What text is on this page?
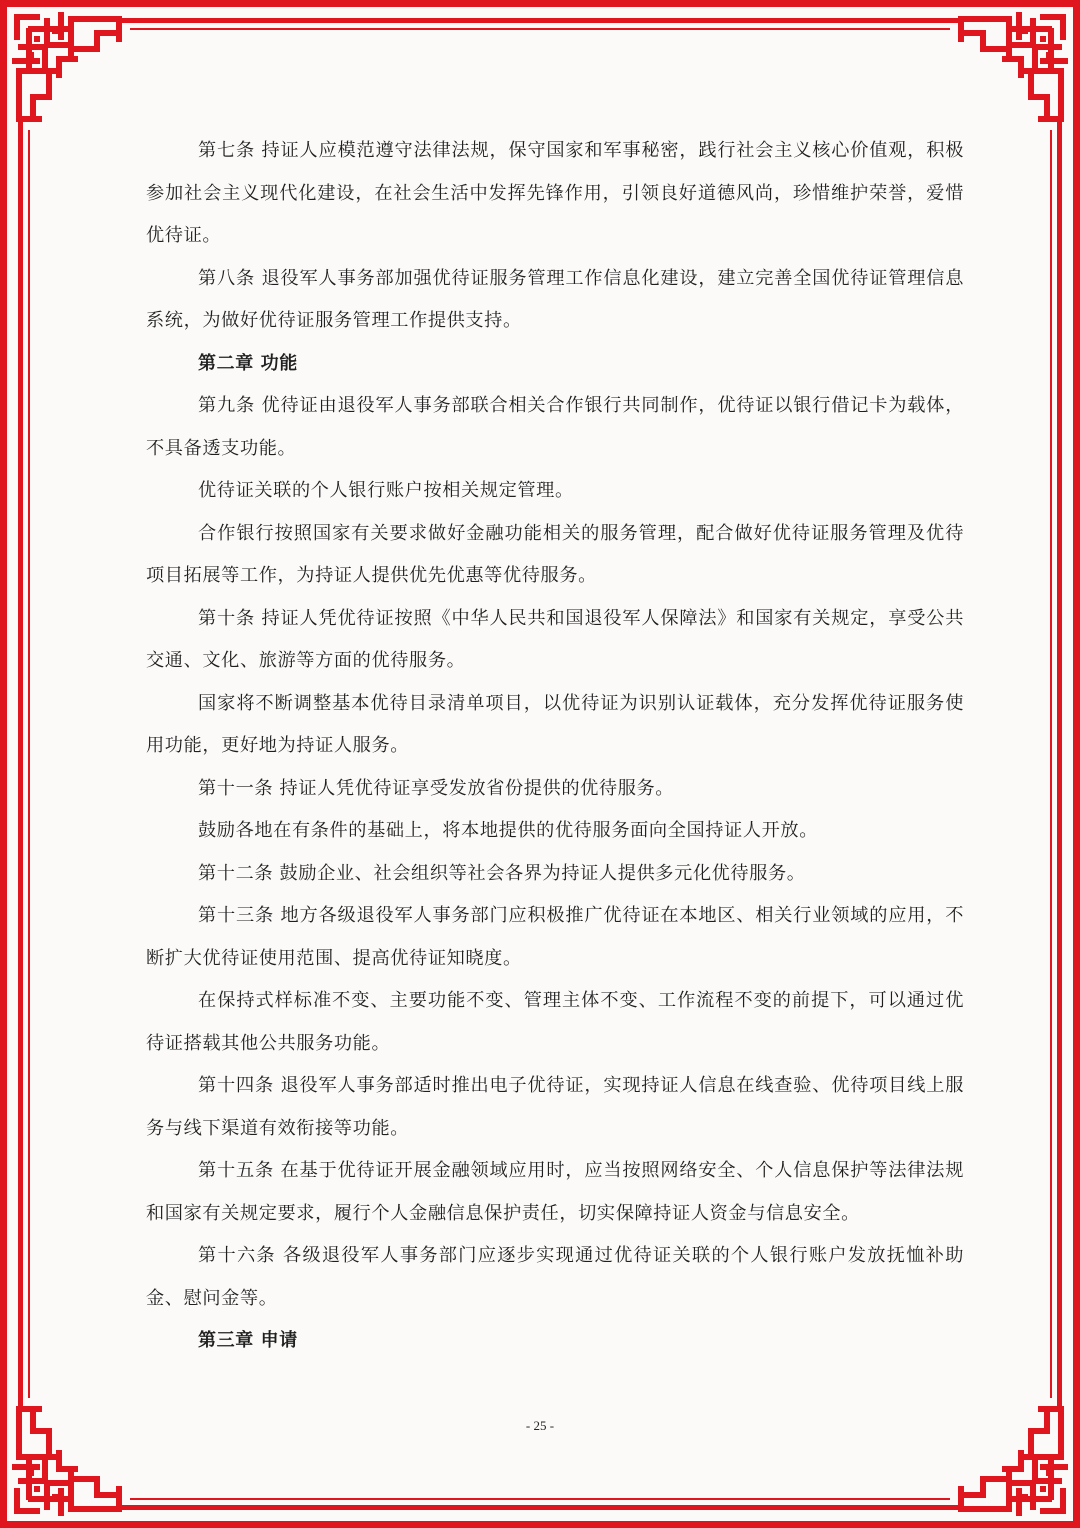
第七条 持证人应模范遵守法律法规，保守国家和军事秘密，践行社会主义核心价值观，积极参加社会主义现代化建设，在社会生活中发挥先锋作用，引领良好道德风尚，珍惜维护荣誉，爱惜优待证。

第八条 退役军人事务部加强优待证服务管理工作信息化建设，建立完善全国优待证管理信息系统，为做好优待证服务管理工作提供支持。

第二章 功能

第九条 优待证由退役军人事务部联合相关合作银行共同制作，优待证以银行借记卡为载体，不具备透支功能。

优待证关联的个人银行账户按相关规定管理。

合作银行按照国家有关要求做好金融功能相关的服务管理，配合做好优待证服务管理及优待项目拓展等工作，为持证人提供优先优惠等优待服务。

第十条 持证人凭优待证按照《中华人民共和国退役军人保障法》和国家有关规定，享受公共交通、文化、旅游等方面的优待服务。

国家将不断调整基本优待目录清单项目，以优待证为识别认证载体，充分发挥优待证服务使用功能，更好地为持证人服务。

第十一条 持证人凭优待证享受发放省份提供的优待服务。

鼓励各地在有条件的基础上，将本地提供的优待服务面向全国持证人开放。

第十二条 鼓励企业、社会组织等社会各界为持证人提供多元化优待服务。

第十三条 地方各级退役军人事务部门应积极推广优待证在本地区、相关行业领域的应用，不断扩大优待证使用范围、提高优待证知晓度。

在保持式样标准不变、主要功能不变、管理主体不变、工作流程不变的前提下，可以通过优待证搭载其他公共服务功能。

第十四条 退役军人事务部适时推出电子优待证，实现持证人信息在线查验、优待项目线上服务与线下渠道有效衔接等功能。

第十五条 在基于优待证开展金融领域应用时，应当按照网络安全、个人信息保护等法律法规和国家有关规定要求，履行个人金融信息保护责任，切实保障持证人资金与信息安全。

第十六条 各级退役军人事务部门应逐步实现通过优待证关联的个人银行账户发放抚恤补助金、慰问金等。

第三章 申请

- 25 -
